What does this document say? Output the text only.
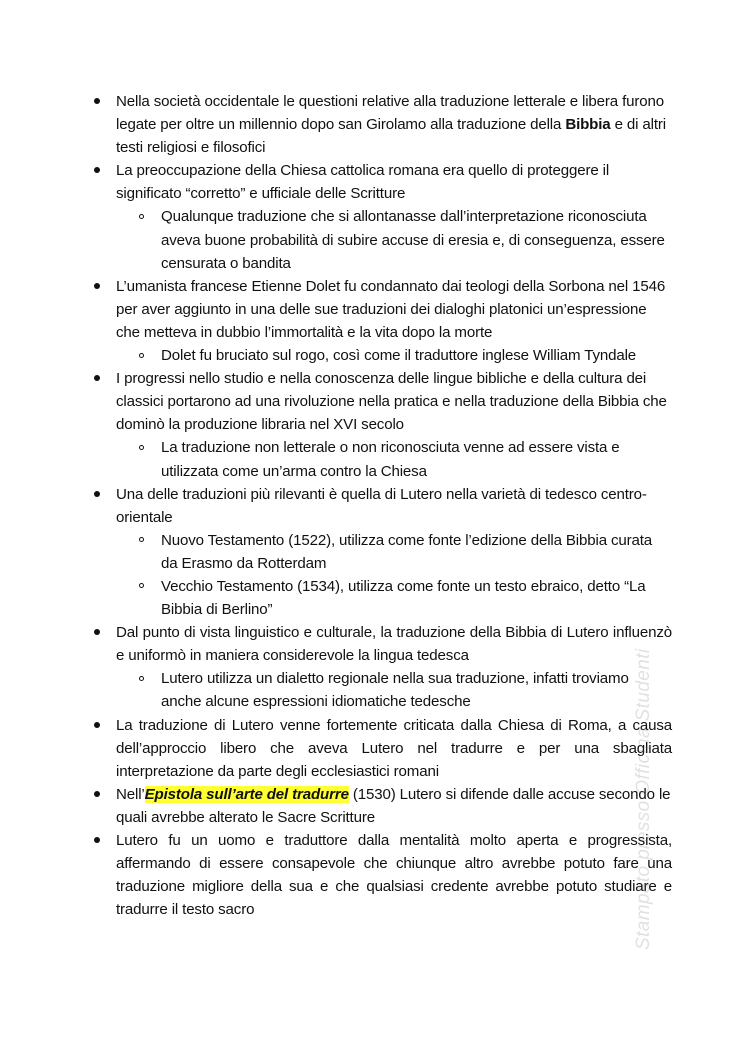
Nella società occidentale le questioni relative alla traduzione letterale e libera furono legate per oltre un millennio dopo san Girolamo alla traduzione della Bibbia e di altri testi religiosi e filosofici

La preoccupazione della Chiesa cattolica romana era quello di proteggere il significato “corretto” e ufficiale delle Scritture

Qualunque traduzione che si allontanasse dall’interpretazione riconosciuta aveva buone probabilità di subire accuse di eresia e, di conseguenza, essere censurata o bandita

L’umanista francese Etienne Dolet fu condannato dai teologi della Sorbona nel 1546 per aver aggiunto in una delle sue traduzioni dei dialoghi platonici un’espressione che metteva in dubbio l’immortalità e la vita dopo la morte

Dolet fu bruciato sul rogo, così come il traduttore inglese William Tyndale

I progressi nello studio e nella conoscenza delle lingue bibliche e della cultura dei classici portarono ad una rivoluzione nella pratica e nella traduzione della Bibbia che dominò la produzione libraria nel XVI secolo

La traduzione non letterale o non riconosciuta venne ad essere vista e utilizzata come un’arma contro la Chiesa

Una delle traduzioni più rilevanti è quella di Lutero nella varietà di tedesco centro-orientale

Nuovo Testamento (1522), utilizza come fonte l’edizione della Bibbia curata da Erasmo da Rotterdam

Vecchio Testamento (1534), utilizza come fonte un testo ebraico, detto “La Bibbia di Berlino”

Dal punto di vista linguistico e culturale, la traduzione della Bibbia di Lutero influenzò e uniformò in maniera considerevole la lingua tedesca

Lutero utilizza un dialetto regionale nella sua traduzione, infatti troviamo anche alcune espressioni idiomatiche tedesche

La traduzione di Lutero venne fortemente criticata dalla Chiesa di Roma, a causa dell’approccio libero che aveva Lutero nel tradurre e per una sbagliata interpretazione da parte degli ecclesiastici romani

Nell’Epistola sull’arte del tradurre (1530) Lutero si difende dalle accuse secondo le quali avrebbe alterato le Sacre Scritture

Lutero fu un uomo e traduttore dalla mentalità molto aperta e progressista, affermando di essere consapevole che chiunque altro avrebbe potuto fare una traduzione migliore della sua e che qualsiasi credente avrebbe potuto studiare e tradurre il testo sacro	Stampato presso Officina Studenti
